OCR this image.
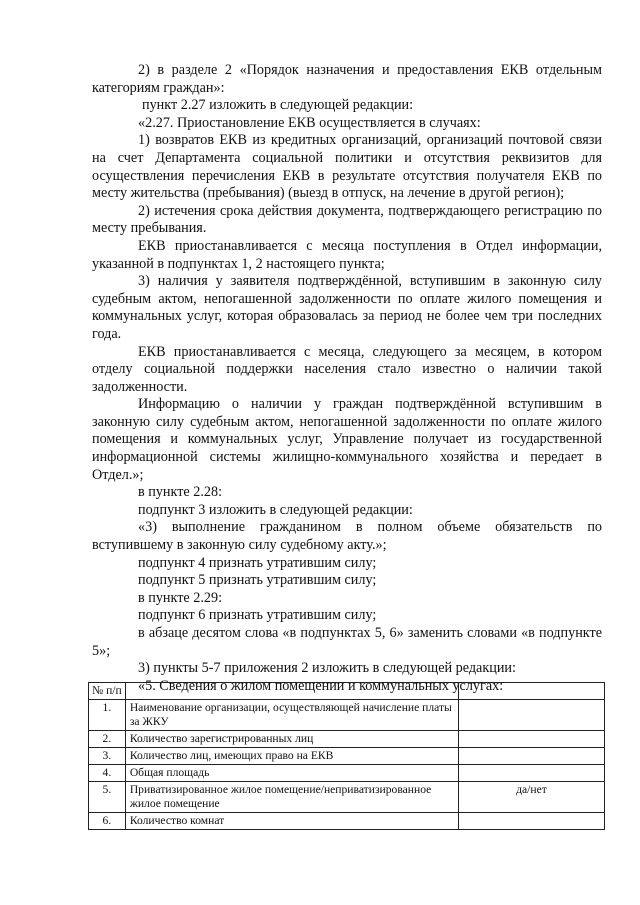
2) в разделе 2 «Порядок назначения и предоставления ЕКВ отдельным категориям граждан»:

пункт 2.27 изложить в следующей редакции:

«2.27. Приостановление ЕКВ осуществляется в случаях:

1) возвратов ЕКВ из кредитных организаций, организаций почтовой связи на счет Департамента социальной политики и отсутствия реквизитов для осуществления перечисления ЕКВ в результате отсутствия получателя ЕКВ по месту жительства (пребывания) (выезд в отпуск, на лечение в другой регион);

2) истечения срока действия документа, подтверждающего регистрацию по месту пребывания.

ЕКВ приостанавливается с месяца поступления в Отдел информации, указанной в подпунктах 1, 2 настоящего пункта;

3) наличия у заявителя подтверждённой, вступившим в законную силу судебным актом, непогашенной задолженности по оплате жилого помещения и коммунальных услуг, которая образовалась за период не более чем три последних года.

ЕКВ приостанавливается с месяца, следующего за месяцем, в котором отделу социальной поддержки населения стало известно о наличии такой задолженности.

Информацию о наличии у граждан подтверждённой вступившим в законную силу судебным актом, непогашенной задолженности по оплате жилого помещения и коммунальных услуг, Управление получает из государственной информационной системы жилищно-коммунального хозяйства и передает в Отдел.»;

в пункте 2.28:

подпункт 3 изложить в следующей редакции:

«3) выполнение гражданином в полном объеме обязательств по вступившему в законную силу судебному акту.»;

подпункт 4 признать утратившим силу;

подпункт 5 признать утратившим силу;

в пункте 2.29:

подпункт 6 признать утратившим силу;

в абзаце десятом слова «в подпунктах 5, 6» заменить словами «в подпункте 5»;

3) пункты 5-7 приложения 2 изложить в следующей редакции:

«5. Сведения о жилом помещении и коммунальных услугах:

№ п/п		
1.	Наименование организации, осуществляющей начисление платы за ЖКУ	
2.	Количество зарегистрированных лиц	
3.	Количество лиц, имеющих право на ЕКВ	
4.	Общая площадь	
5.	Приватизированное жилое помещение/неприватизированное жилое помещение	да/нет
6.	Количество комнат	
